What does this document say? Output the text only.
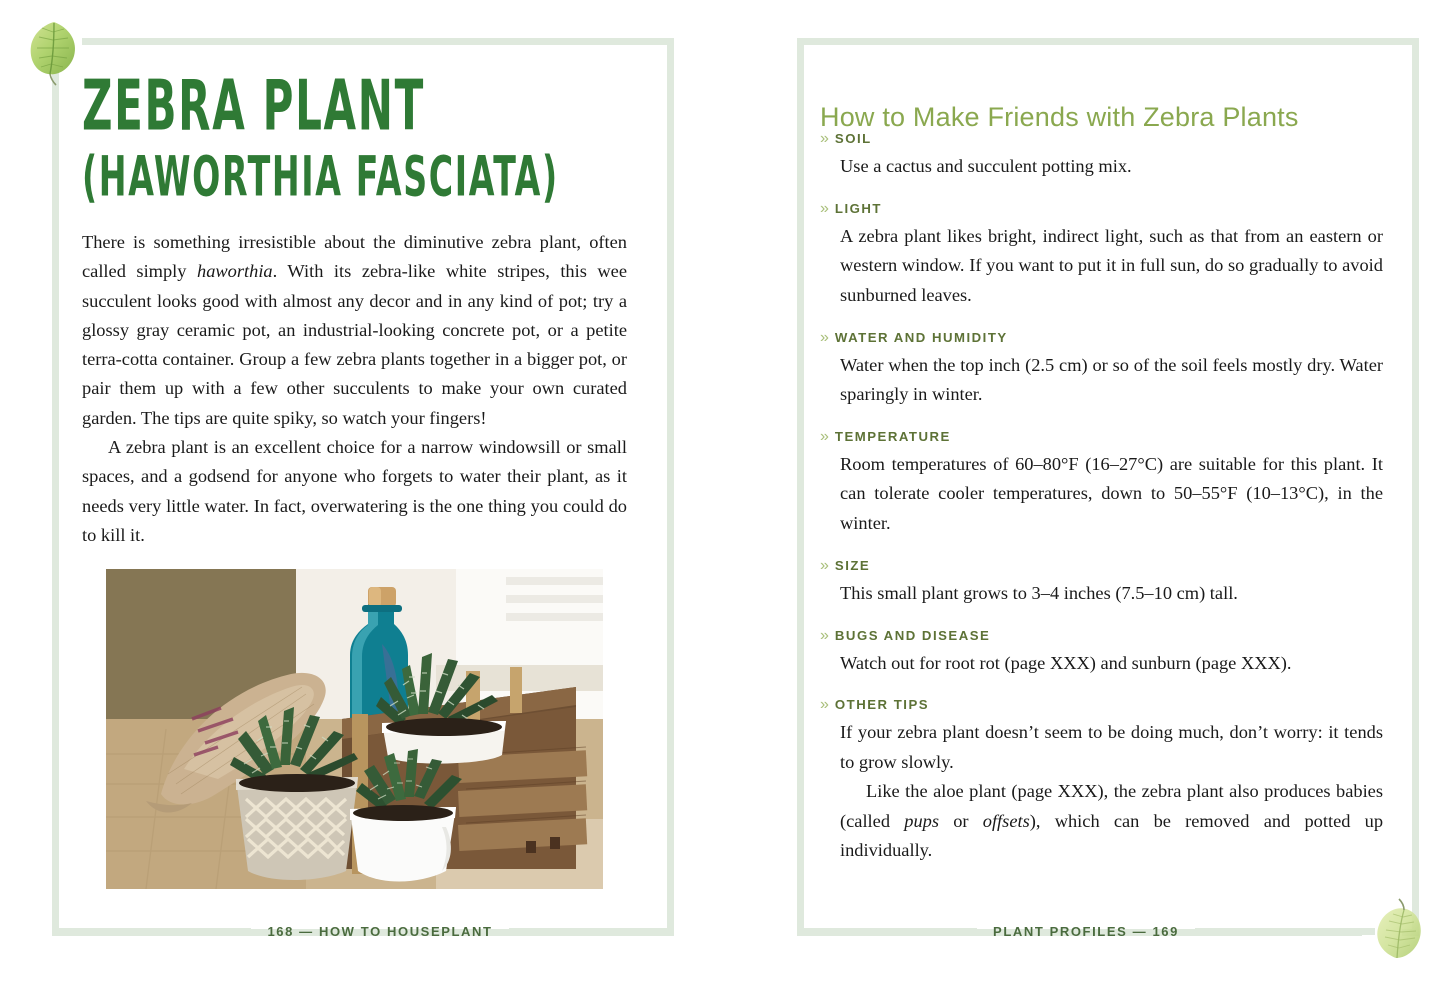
ZEBRA PLANT
(HAWORTHIA FASCIATA)

There is something irresistible about the diminutive zebra plant, often called simply haworthia. With its zebra-like white stripes, this wee succulent looks good with almost any decor and in any kind of pot; try a glossy gray ceramic pot, an industrial-looking concrete pot, or a petite terra-cotta container. Group a few zebra plants together in a bigger pot, or pair them up with a few other succulents to make your own curated garden. The tips are quite spiky, so watch your fingers!

A zebra plant is an excellent choice for a narrow windowsill or small spaces, and a godsend for anyone who forgets to water their plant, as it needs very little water. In fact, overwatering is the one thing you could do to kill it.

168 — HOW TO HOUSEPLANT
How to Make Friends with Zebra Plants
» SOIL

Use a cactus and succulent potting mix.

» LIGHT

A zebra plant likes bright, indirect light, such as that from an eastern or western window. If you want to put it in full sun, do so gradually to avoid sunburned leaves.

» WATER AND HUMIDITY

Water when the top inch (2.5 cm) or so of the soil feels mostly dry. Water sparingly in winter.

» TEMPERATURE

Room temperatures of 60–80°F (16–27°C) are suitable for this plant. It can tolerate cooler temperatures, down to 50–55°F (10–13°C), in the winter.

» SIZE

This small plant grows to 3–4 inches (7.5–10 cm) tall.

» BUGS AND DISEASE

Watch out for root rot (page XXX) and sunburn (page XXX).

» OTHER TIPS

If your zebra plant doesn’t seem to be doing much, don’t worry: it tends to grow slowly.

Like the aloe plant (page XXX), the zebra plant also produces babies (called pups or offsets), which can be removed and potted up individually.

PLANT PROFILES — 169
